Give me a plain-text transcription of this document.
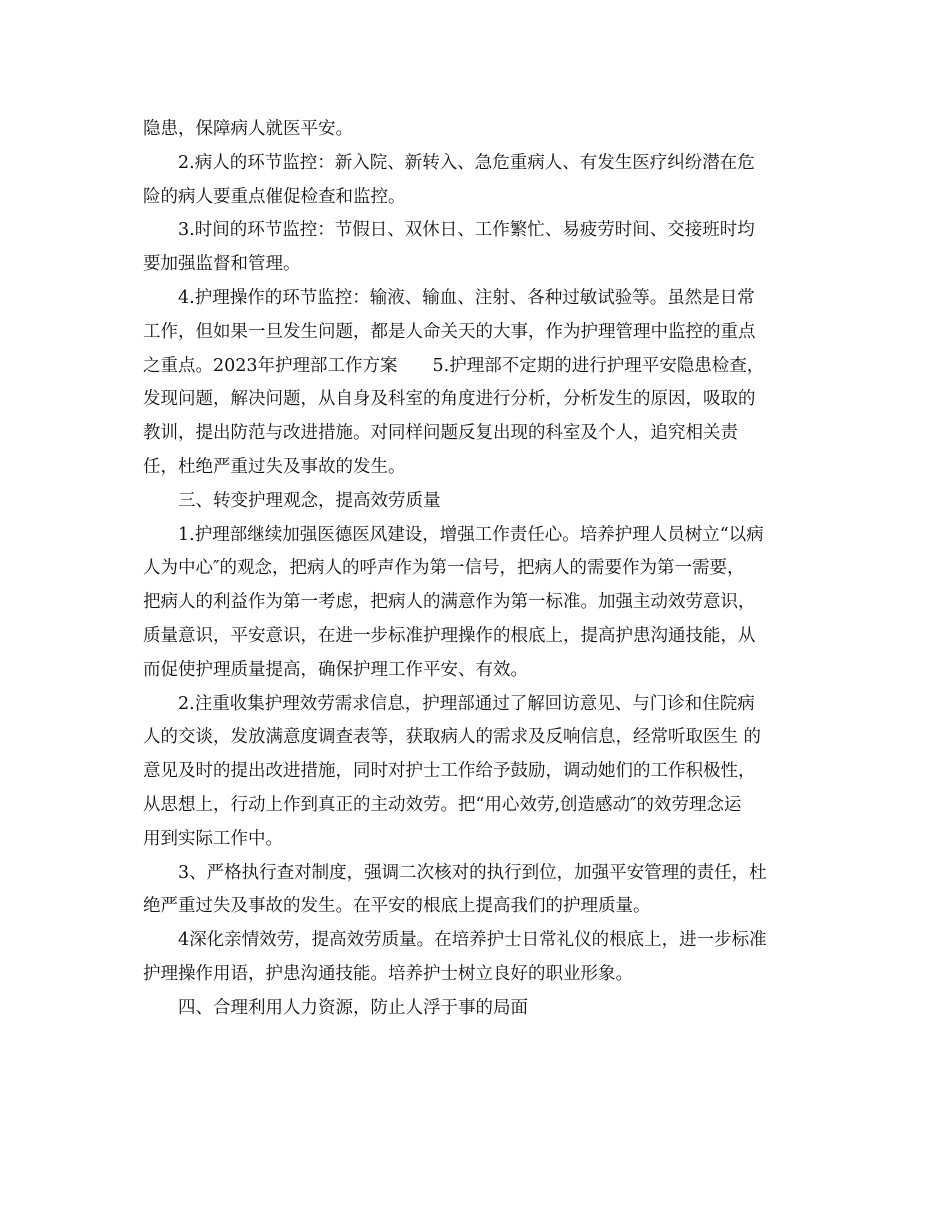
隐患，保障病人就医平安。

　　2.病人的环节监控：新入院、新转入、急危重病人、有发生医疗纠纷潜在危
险的病人要重点催促检查和监控。

　　3.时间的环节监控：节假日、双休日、工作繁忙、易疲劳时间、交接班时均
要加强监督和管理。

　　4.护理操作的环节监控：输液、输血、注射、各种过敏试验等。虽然是日常
工作，但如果一旦发生问题，都是人命关天的大事，作为护理管理中监控的重点
之重点。2023年护理部工作方案　　5.护理部不定期的进行护理平安隐患检查，
发现问题，解决问题，从自身及科室的角度进行分析，分析发生的原因，吸取的
教训，提出防范与改进措施。对同样问题反复出现的科室及个人，追究相关责
任，杜绝严重过失及事故的发生。

　　三、转变护理观念，提高效劳质量

　　1.护理部继续加强医德医风建设，增强工作责任心。培养护理人员树立“以病
人为中心″的观念，把病人的呼声作为第一信号，把病人的需要作为第一需要，
把病人的利益作为第一考虑，把病人的满意作为第一标准。加强主动效劳意识，
质量意识，平安意识，在进一步标准护理操作的根底上，提高护患沟通技能，从
而促使护理质量提高，确保护理工作平安、有效。

　　2.注重收集护理效劳需求信息，护理部通过了解回访意见、与门诊和住院病
人的交谈，发放满意度调查表等，获取病人的需求及反响信息，经常听取医生 的
意见及时的提出改进措施，同时对护士工作给予鼓励，调动她们的工作积极性，
从思想上，行动上作到真正的主动效劳。把“用心效劳,创造感动″的效劳理念运
用到实际工作中。

　　3、严格执行查对制度，强调二次核对的执行到位，加强平安管理的责任，杜
绝严重过失及事故的发生。在平安的根底上提高我们的护理质量。

　　4深化亲情效劳，提高效劳质量。在培养护士日常礼仪的根底上，进一步标准
护理操作用语，护患沟通技能。培养护士树立良好的职业形象。

　　四、合理利用人力资源，防止人浮于事的局面
